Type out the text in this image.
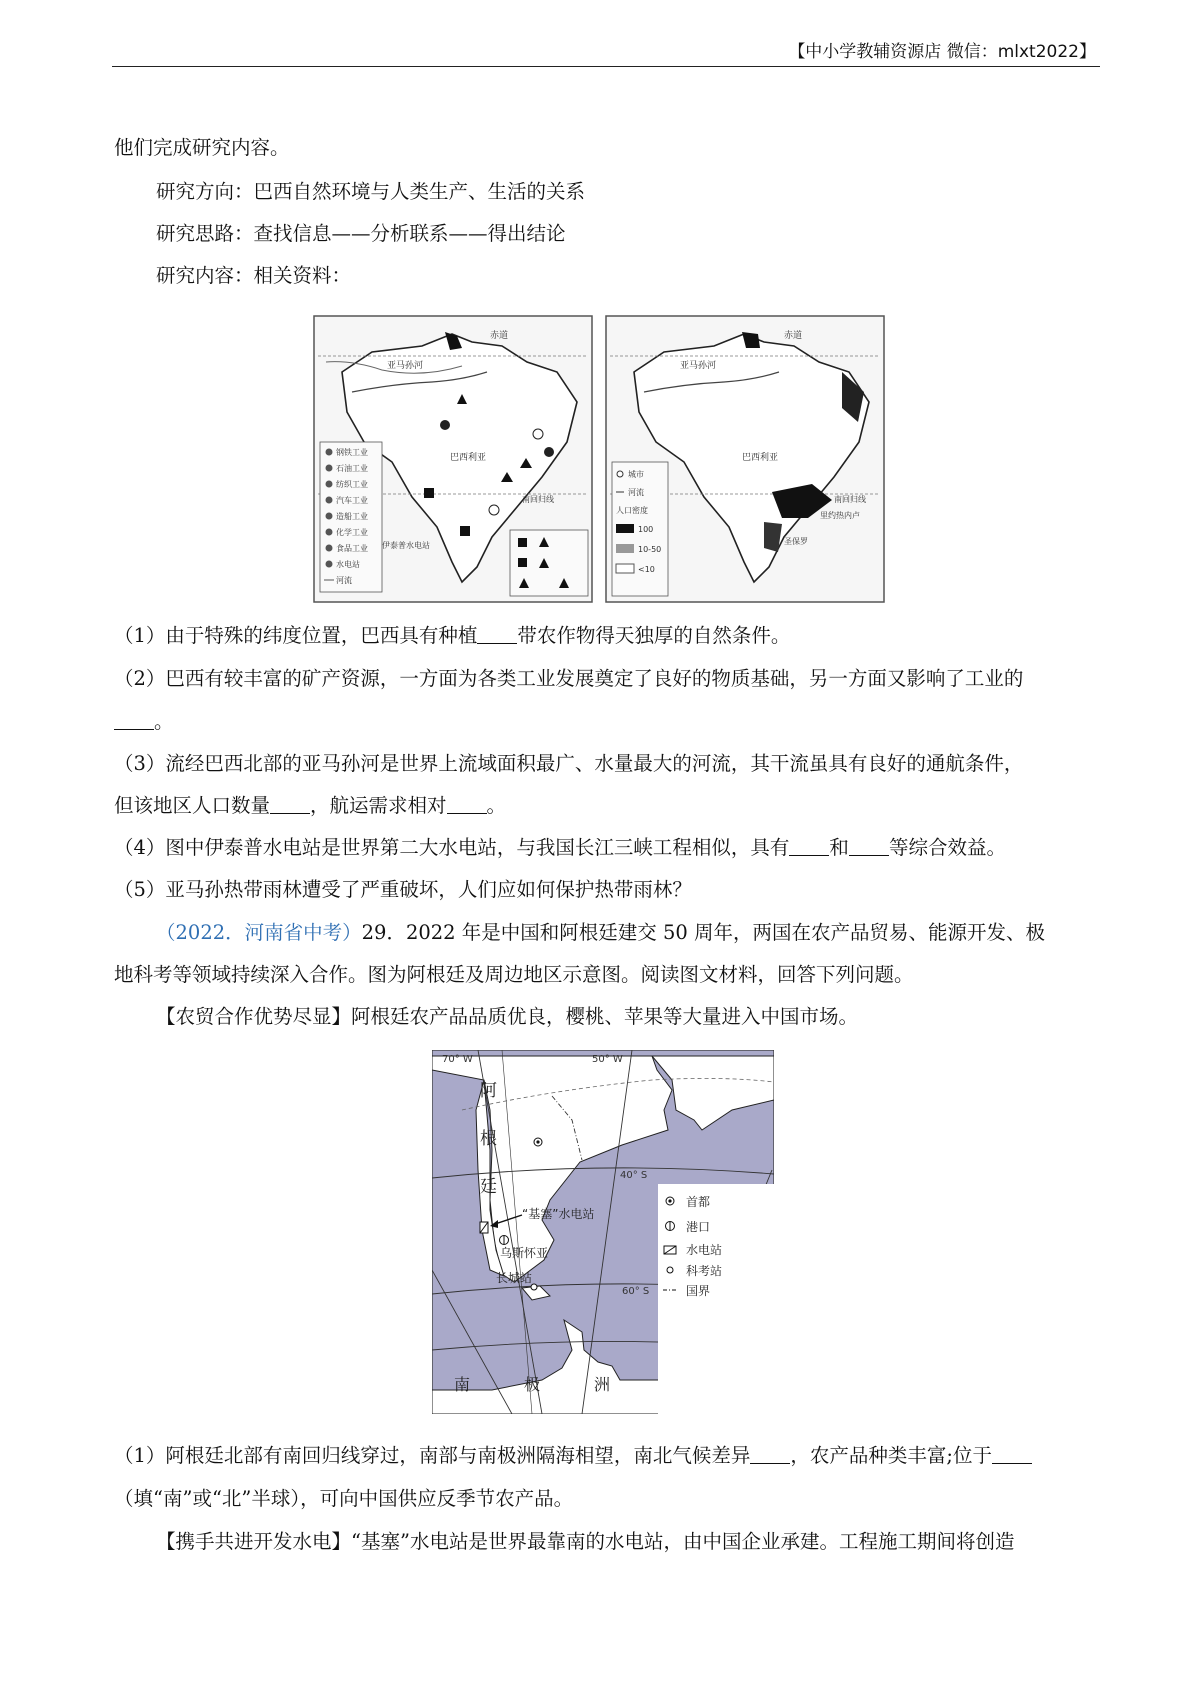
【中小学教辅资源店 微信：mlxt2022】
他们完成研究内容。
研究方向：巴西自然环境与人类生产、生活的关系
研究思路：查找信息——分析联系——得出结论
研究内容：相关资料：
赤道
亚马孙河
巴西利亚
伊泰普水电站
南回归线
钢铁工业
石油工业
纺织工业
汽车工业
造船工业
化学工业
食品工业
水电站
河流
赤道
亚马孙河
巴西利亚
圣保罗
里约热内卢
南回归线
城市
河流
人口密度
100
10-50
<10
（1）由于特殊的纬度位置，巴西具有种植 带农作物得天独厚的自然条件。
（2）巴西有较丰富的矿产资源，一方面为各类工业发展奠定了良好的物质基础，另一方面又影响了工业的
。
（3）流经巴西北部的亚马孙河是世界上流域面积最广、水量最大的河流，其干流虽具有良好的通航条件，
但该地区人口数量 ，航运需求相对 。
（4）图中伊泰普水电站是世界第二大水电站，与我国长江三峡工程相似，具有 和 等综合效益。
（5）亚马孙热带雨林遭受了严重破坏，人们应如何保护热带雨林？
（2022．河南省中考）29．2022 年是中国和阿根廷建交 50 周年，两国在农产品贸易、能源开发、极
地科考等领域持续深入合作。图为阿根廷及周边地区示意图。阅读图文材料，回答下列问题。
【农贸合作优势尽显】阿根廷农产品品质优良，樱桃、苹果等大量进入中国市场。
70° W	50° W
40° S
60° S
阿
根
廷
“基塞”水电站
乌斯怀亚
长城站
南	极	洲
首都
港口
水电站
科考站
国界
（1）阿根廷北部有南回归线穿过，南部与南极洲隔海相望，南北气候差异 ，农产品种类丰富;位于
（填“南”或“北”半球），可向中国供应反季节农产品。
【携手共进开发水电】“基塞”水电站是世界最靠南的水电站，由中国企业承建。工程施工期间将创造
